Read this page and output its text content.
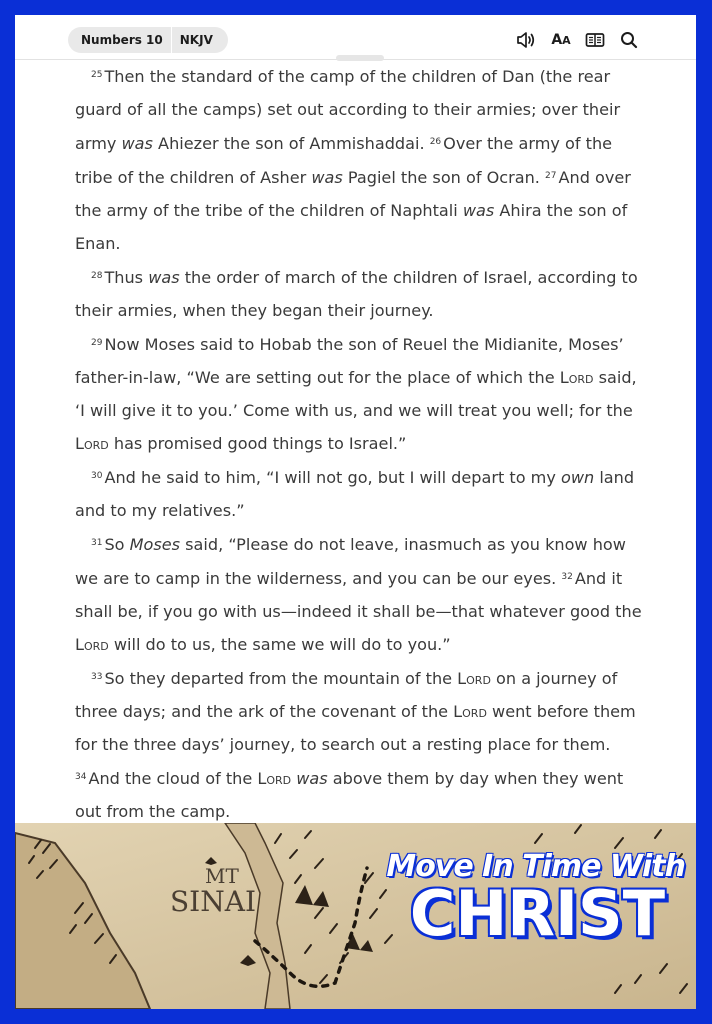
Numbers 10	NKJV	AA

$^{25}$ Then the standard of the camp of the children of Dan (the rear guard of all the camps) set out according to their armies; over their army was Ahiezer the son of Ammishaddai. $^{26}$ Over the army of the tribe of the children of Asher was Pagiel the son of Ocran. $^{27}$ And over the army of the tribe of the children of Naphtali was Ahira the son of Enan.

$^{28}$ Thus was the order of march of the children of Israel, according to their armies, when they began their journey.

$^{29}$ Now Moses said to Hobab the son of Reuel the Midianite, Moses’ father-in-law, “We are setting out for the place of which the Lord said, ‘I will give it to you.’ Come with us, and we will treat you well; for the Lord has promised good things to Israel.”

$^{30}$ And he said to him, “I will not go, but I will depart to my own land and to my relatives.”

$^{31}$ So Moses said, “Please do not leave, inasmuch as you know how we are to camp in the wilderness, and you can be our eyes. $^{32}$ And it shall be, if you go with us—indeed it shall be—that whatever good the Lord will do to us, the same we will do to you.”

$^{33}$ So they departed from the mountain of the Lord on a journey of three days; and the ark of the covenant of the Lord went before them for the three days’ journey, to search out a resting place for them. $^{34}$ And the cloud of the Lord was above them by day when they went out from the camp.

MT
SINAI
Move In Time With
CHRIST
